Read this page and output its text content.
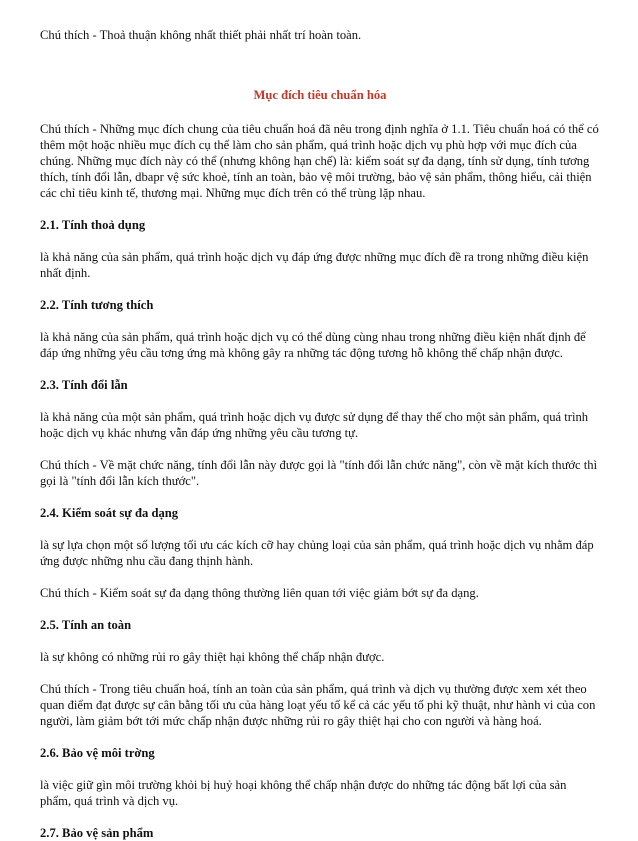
Chú thích - Thoả thuận không nhất thiết phải nhất trí hoàn toàn.

Mục đích tiêu chuẩn hóa

Chú thích - Những mục đích chung của tiêu chuẩn hoá đã nêu trong định nghĩa ở 1.1. Tiêu chuẩn hoá có thể có thêm một hoặc nhiều mục đích cụ thể làm cho sản phẩm, quá trình hoặc dịch vụ phù hợp với mục đích của chúng. Những mục đích này có thể (nhưng không hạn chế) là: kiểm soát sự đa dạng, tính sử dụng, tính tương thích, tính đổi lẫn, dbapr vệ sức khoẻ, tính an toàn, bảo vệ môi trường, bảo vệ sản phẩm, thông hiểu, cải thiện các chỉ tiêu kinh tế, thương mại. Những mục đích trên có thể trùng lặp nhau.

2.1. Tính thoả dụng

là khả năng của sản phẩm, quá trình hoặc dịch vụ đáp ứng được những mục đích đề ra trong những điều kiện nhất định.

2.2. Tính tương thích

là khả năng của sản phẩm, quá trình hoặc dịch vụ có thể dùng cùng nhau trong những điều kiện nhất định để đáp ứng những yêu cầu tơng ứng mà không gây ra những tác động tương hỗ không thể chấp nhận được.

2.3. Tính đổi lẫn

là khả năng của một sản phẩm, quá trình hoặc dịch vụ được sử dụng để thay thế cho một sản phẩm, quá trình hoặc dịch vụ khác nhưng vẫn đáp ứng những yêu cầu tương tự.

Chú thích - Về mặt chức năng, tính đổi lẫn này được gọi là "tính đổi lẫn chức năng", còn về mặt kích thước thì gọi là "tính đổi lẫn kích thước".

2.4. Kiểm soát sự đa dạng

là sự lựa chọn một số lượng tối ưu các kích cỡ hay chủng loại của sản phẩm, quá trình hoặc dịch vụ nhằm đáp ứng được những nhu cầu đang thịnh hành.

Chú thích - Kiểm soát sự đa dạng thông thường liên quan tới việc giảm bớt sự đa dạng.

2.5. Tính an toàn

là sự không có những rủi ro gây thiệt hại không thể chấp nhận được.

Chú thích - Trong tiêu chuẩn hoá, tính an toàn của sản phẩm, quá trình và dịch vụ thường được xem xét theo quan điểm đạt được sự cân bằng tối ưu của hàng loạt yếu tố kể cả các yếu tố phi kỹ thuật, như hành vi của con người, làm giảm bớt tới mức chấp nhận được những rủi ro gây thiệt hại cho con người và hàng hoá.

2.6. Bảo vệ môi trờng

là việc giữ gìn môi trường khỏi bị huỷ hoại không thể chấp nhận được do những tác động bất lợi của sản phẩm, quá trình và dịch vụ.

2.7. Bảo vệ sản phẩm
